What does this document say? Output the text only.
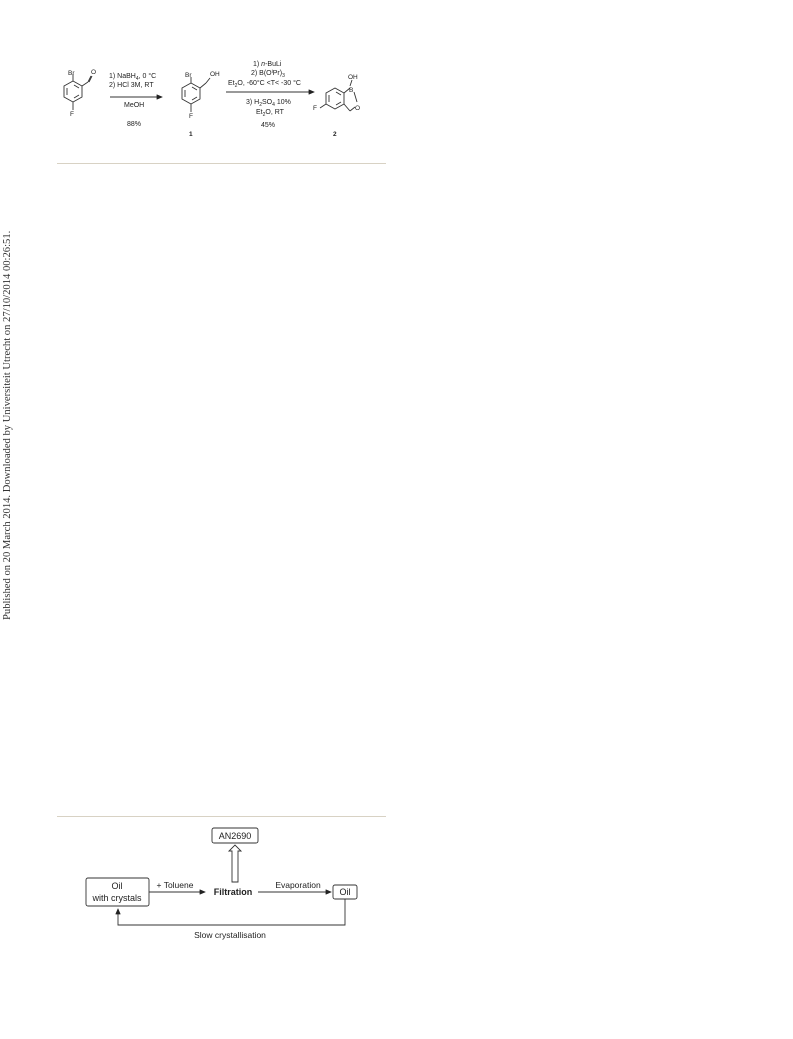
Published on 20 March 2014. Downloaded by Universiteit Utrecht on 27/10/2014 00:26:51.
Br	O
F
1) NaBH$_4$, 0 °C
2) HCl 3M, RT
MeOH
88%
Br	OH
F
1
1) n-BuLi
2) $B(O^iPr)_3$
$Et_2O$, -60°C <T< -30 °C
3) $H_2SO_4$ 10%
$Et_2O$, RT
45%
OH
B
O
F
2
AN2690
Oil
with crystals
+ Toluene
Filtration
Evaporation
Oil
Slow crystallisation
